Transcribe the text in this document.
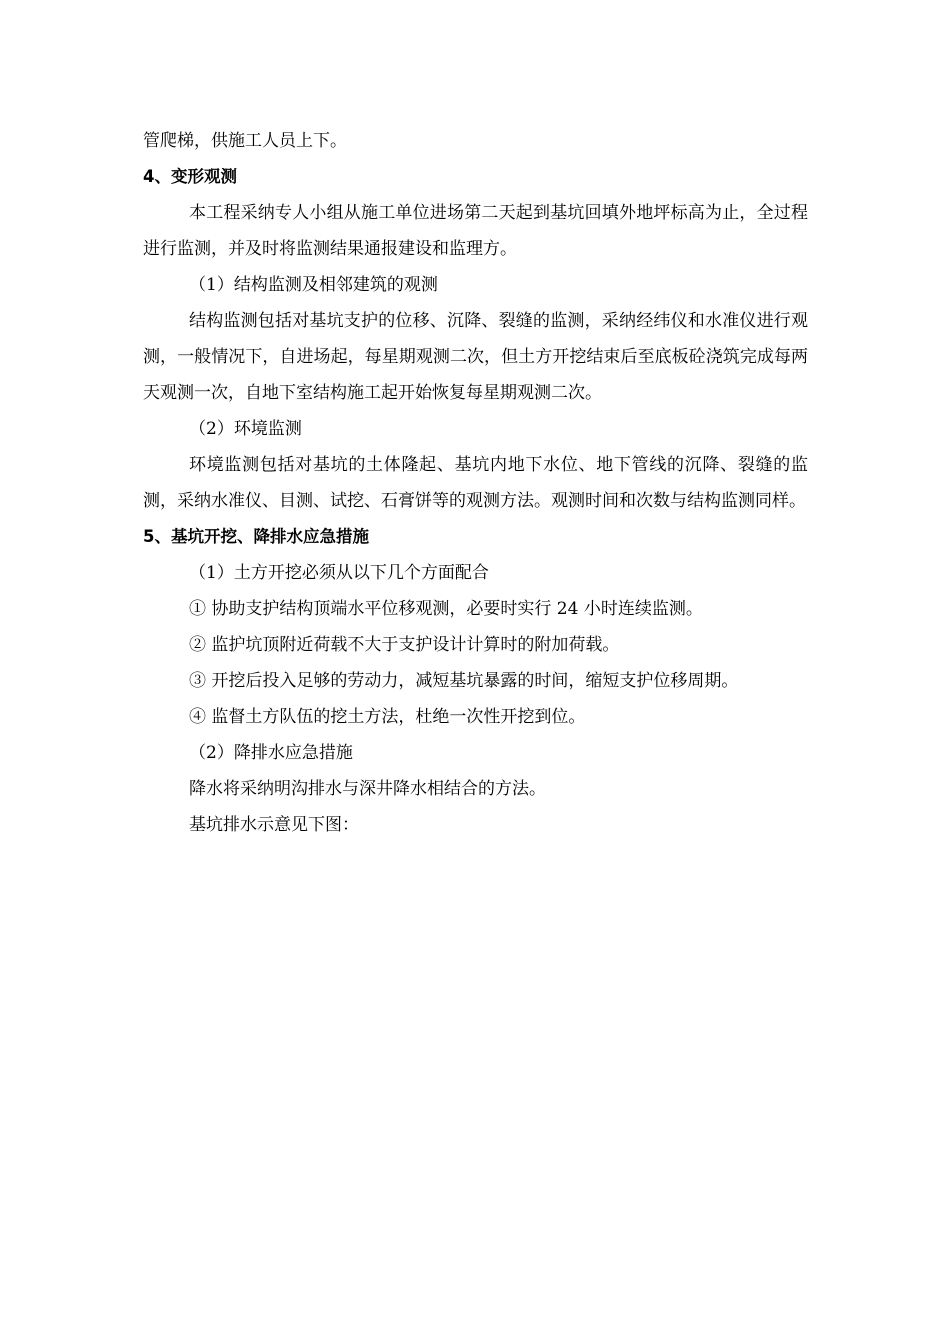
管爬梯，供施工人员上下。
4、变形观测
本工程采纳专人小组从施工单位进场第二天起到基坑回填外地坪标高为止，全过程进行监测，并及时将监测结果通报建设和监理方。
（1）结构监测及相邻建筑的观测
结构监测包括对基坑支护的位移、沉降、裂缝的监测，采纳经纬仪和水准仪进行观测，一般情况下，自进场起，每星期观测二次，但土方开挖结束后至底板砼浇筑完成每两天观测一次，自地下室结构施工起开始恢复每星期观测二次。
（2）环境监测
环境监测包括对基坑的土体隆起、基坑内地下水位、地下管线的沉降、裂缝的监测，采纳水准仪、目测、试挖、石膏饼等的观测方法。观测时间和次数与结构监测同样。
5、基坑开挖、降排水应急措施
（1）土方开挖必须从以下几个方面配合
① 协助支护结构顶端水平位移观测，必要时实行 24 小时连续监测。
② 监护坑顶附近荷载不大于支护设计计算时的附加荷载。
③ 开挖后投入足够的劳动力，减短基坑暴露的时间，缩短支护位移周期。
④ 监督土方队伍的挖土方法，杜绝一次性开挖到位。
（2）降排水应急措施
降水将采纳明沟排水与深井降水相结合的方法。
基坑排水示意见下图：
